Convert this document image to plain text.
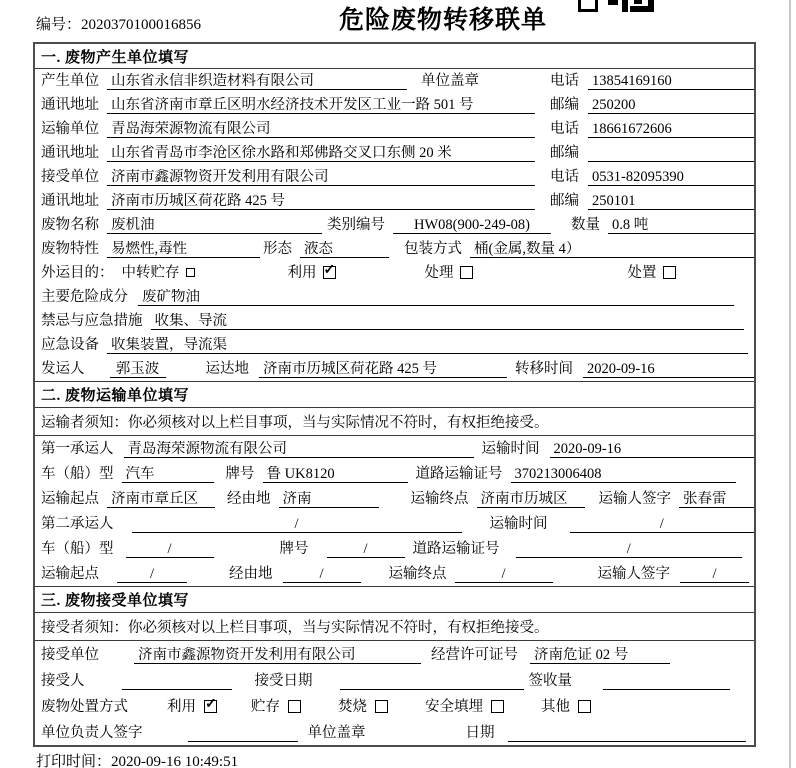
编号：2020370100016856	危险废物转移联单
一. 废物产生单位填写
产生单位 山东省永信非织造材料有限公司	单位盖章	电话 13854169160
通讯地址 山东省济南市章丘区明水经济技术开发区工业一路 501 号	邮编 250200
运输单位 青岛海荣源物流有限公司	电话 18661672606
通讯地址 山东省青岛市李沧区徐水路和郑佛路交叉口东侧 20 米	邮编
接受单位 济南市鑫源物资开发利用有限公司	电话 0531-82095390
通讯地址 济南市历城区荷花路 425 号	邮编 250101
废物名称 废机油	类别编号	HW08(900-249-08)	数量 0.8 吨
废物特性 易燃性,毒性	形态 液态	包装方式 桶(金属,数量 4）
外运目的： 中转贮存	利用 ✓	处理	处置
主要危险成分 废矿物油
禁忌与应急措施 收集、导流
应急设备 收集装置，导流渠
发运人	郭玉波	运达地 济南市历城区荷花路 425 号	转移时间 2020-09-16
二. 废物运输单位填写
运输者须知：你必须核对以上栏目事项，当与实际情况不符时，有权拒绝接受。
第一承运人 青岛海荣源物流有限公司	运输时间 2020-09-16
车（船）型 汽车	牌号 鲁 UK8120	道路运输证号 370213006408
运输起点 济南市章丘区	经由地 济南	运输终点 济南市历城区	运输人签字 张春雷
第二承运人	/	运输时间	/
车（船）型	/	牌号	/	道路运输证号	/
运输起点	/	经由地	/	运输终点	/	运输人签字	/
三. 废物接受单位填写
接受者须知：你必须核对以上栏目事项，当与实际情况不符时，有权拒绝接受。
接受单位	济南市鑫源物资开发利用有限公司	经营许可证号 济南危证 02 号
接受人	接受日期	签收量
废物处置方式	利用 ✓	贮存	焚烧	安全填埋	其他
单位负责人签字	单位盖章	日期
打印时间：2020-09-16 10:49:51
